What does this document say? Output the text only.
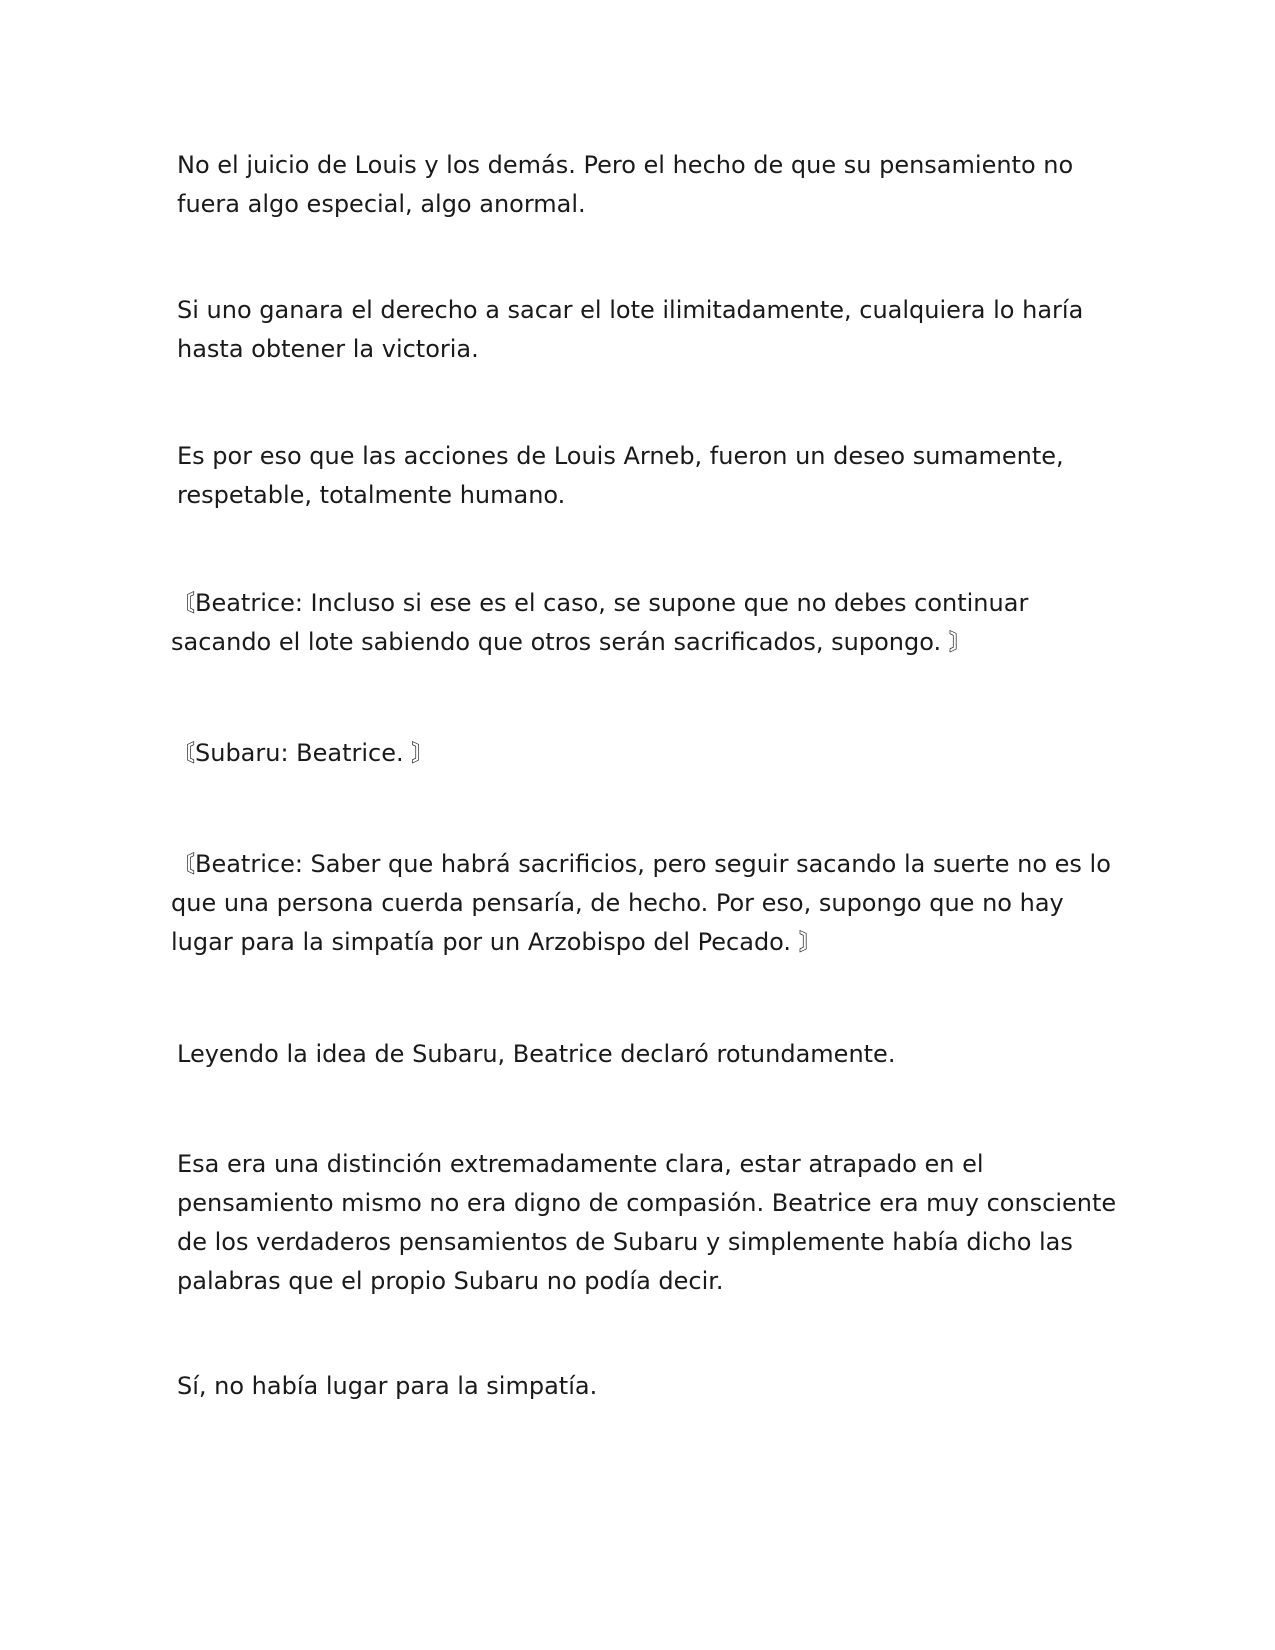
No el juicio de Louis y los demás. Pero el hecho de que su pensamiento no
fuera algo especial, algo anormal.

Si uno ganara el derecho a sacar el lote ilimitadamente, cualquiera lo haría
hasta obtener la victoria.

Es por eso que las acciones de Louis Arneb, fueron un deseo sumamente,
respetable, totalmente humano.

〘Beatrice: Incluso si ese es el caso, se supone que no debes continuar
sacando el lote sabiendo que otros serán sacrificados, supongo. 〙

〘Subaru: Beatrice. 〙

〘Beatrice: Saber que habrá sacrificios, pero seguir sacando la suerte no es lo
que una persona cuerda pensaría, de hecho. Por eso, supongo que no hay
lugar para la simpatía por un Arzobispo del Pecado. 〙

Leyendo la idea de Subaru, Beatrice declaró rotundamente.

Esa era una distinción extremadamente clara, estar atrapado en el
pensamiento mismo no era digno de compasión. Beatrice era muy consciente
de los verdaderos pensamientos de Subaru y simplemente había dicho las
palabras que el propio Subaru no podía decir.

Sí, no había lugar para la simpatía.
